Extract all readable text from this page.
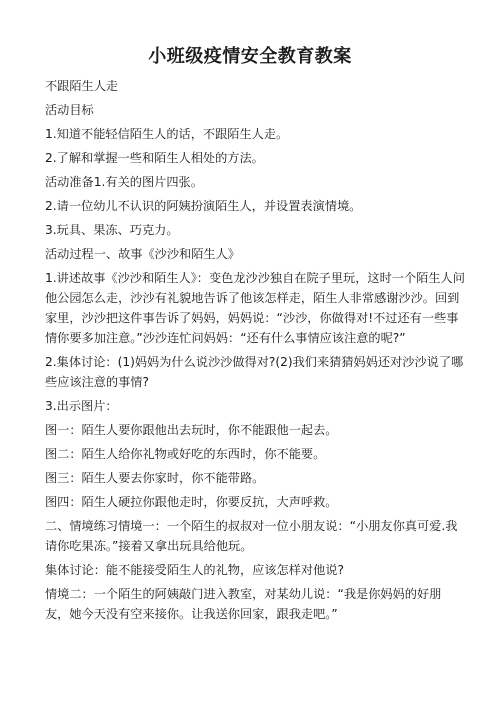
小班级疫情安全教育教案

不跟陌生人走

活动目标

1.知道不能轻信陌生人的话，不跟陌生人走。

2.了解和掌握一些和陌生人相处的方法。

活动准备1.有关的图片四张。

2.请一位幼儿不认识的阿姨扮演陌生人，并设置表演情境。

3.玩具、果冻、巧克力。

活动过程一、故事《沙沙和陌生人》

1.讲述故事《沙沙和陌生人》：变色龙沙沙独自在院子里玩，这时一个陌生人问他公园怎么走，沙沙有礼貌地告诉了他该怎样走，陌生人非常感谢沙沙。回到家里，沙沙把这件事告诉了妈妈，妈妈说：“沙沙，你做得对!不过还有一些事情你要多加注意。”沙沙连忙问妈妈：“还有什么事情应该注意的呢?”

2.集体讨论：(1)妈妈为什么说沙沙做得对?(2)我们来猜猜妈妈还对沙沙说了哪些应该注意的事情?

3.出示图片：

图一：陌生人要你跟他出去玩时，你不能跟他一起去。

图二：陌生人给你礼物或好吃的东西时，你不能要。

图三：陌生人要去你家时，你不能带路。

图四：陌生人硬拉你跟他走时，你要反抗，大声呼救。

二、情境练习情境一：一个陌生的叔叔对一位小朋友说：“小朋友你真可爱.我请你吃果冻。”接着又拿出玩具给他玩。

集体讨论：能不能接受陌生人的礼物，应该怎样对他说?

情境二：一个陌生的阿姨敲门进入教室，对某幼儿说：“我是你妈妈的好朋友，她今天没有空来接你。让我送你回家，跟我走吧。”
